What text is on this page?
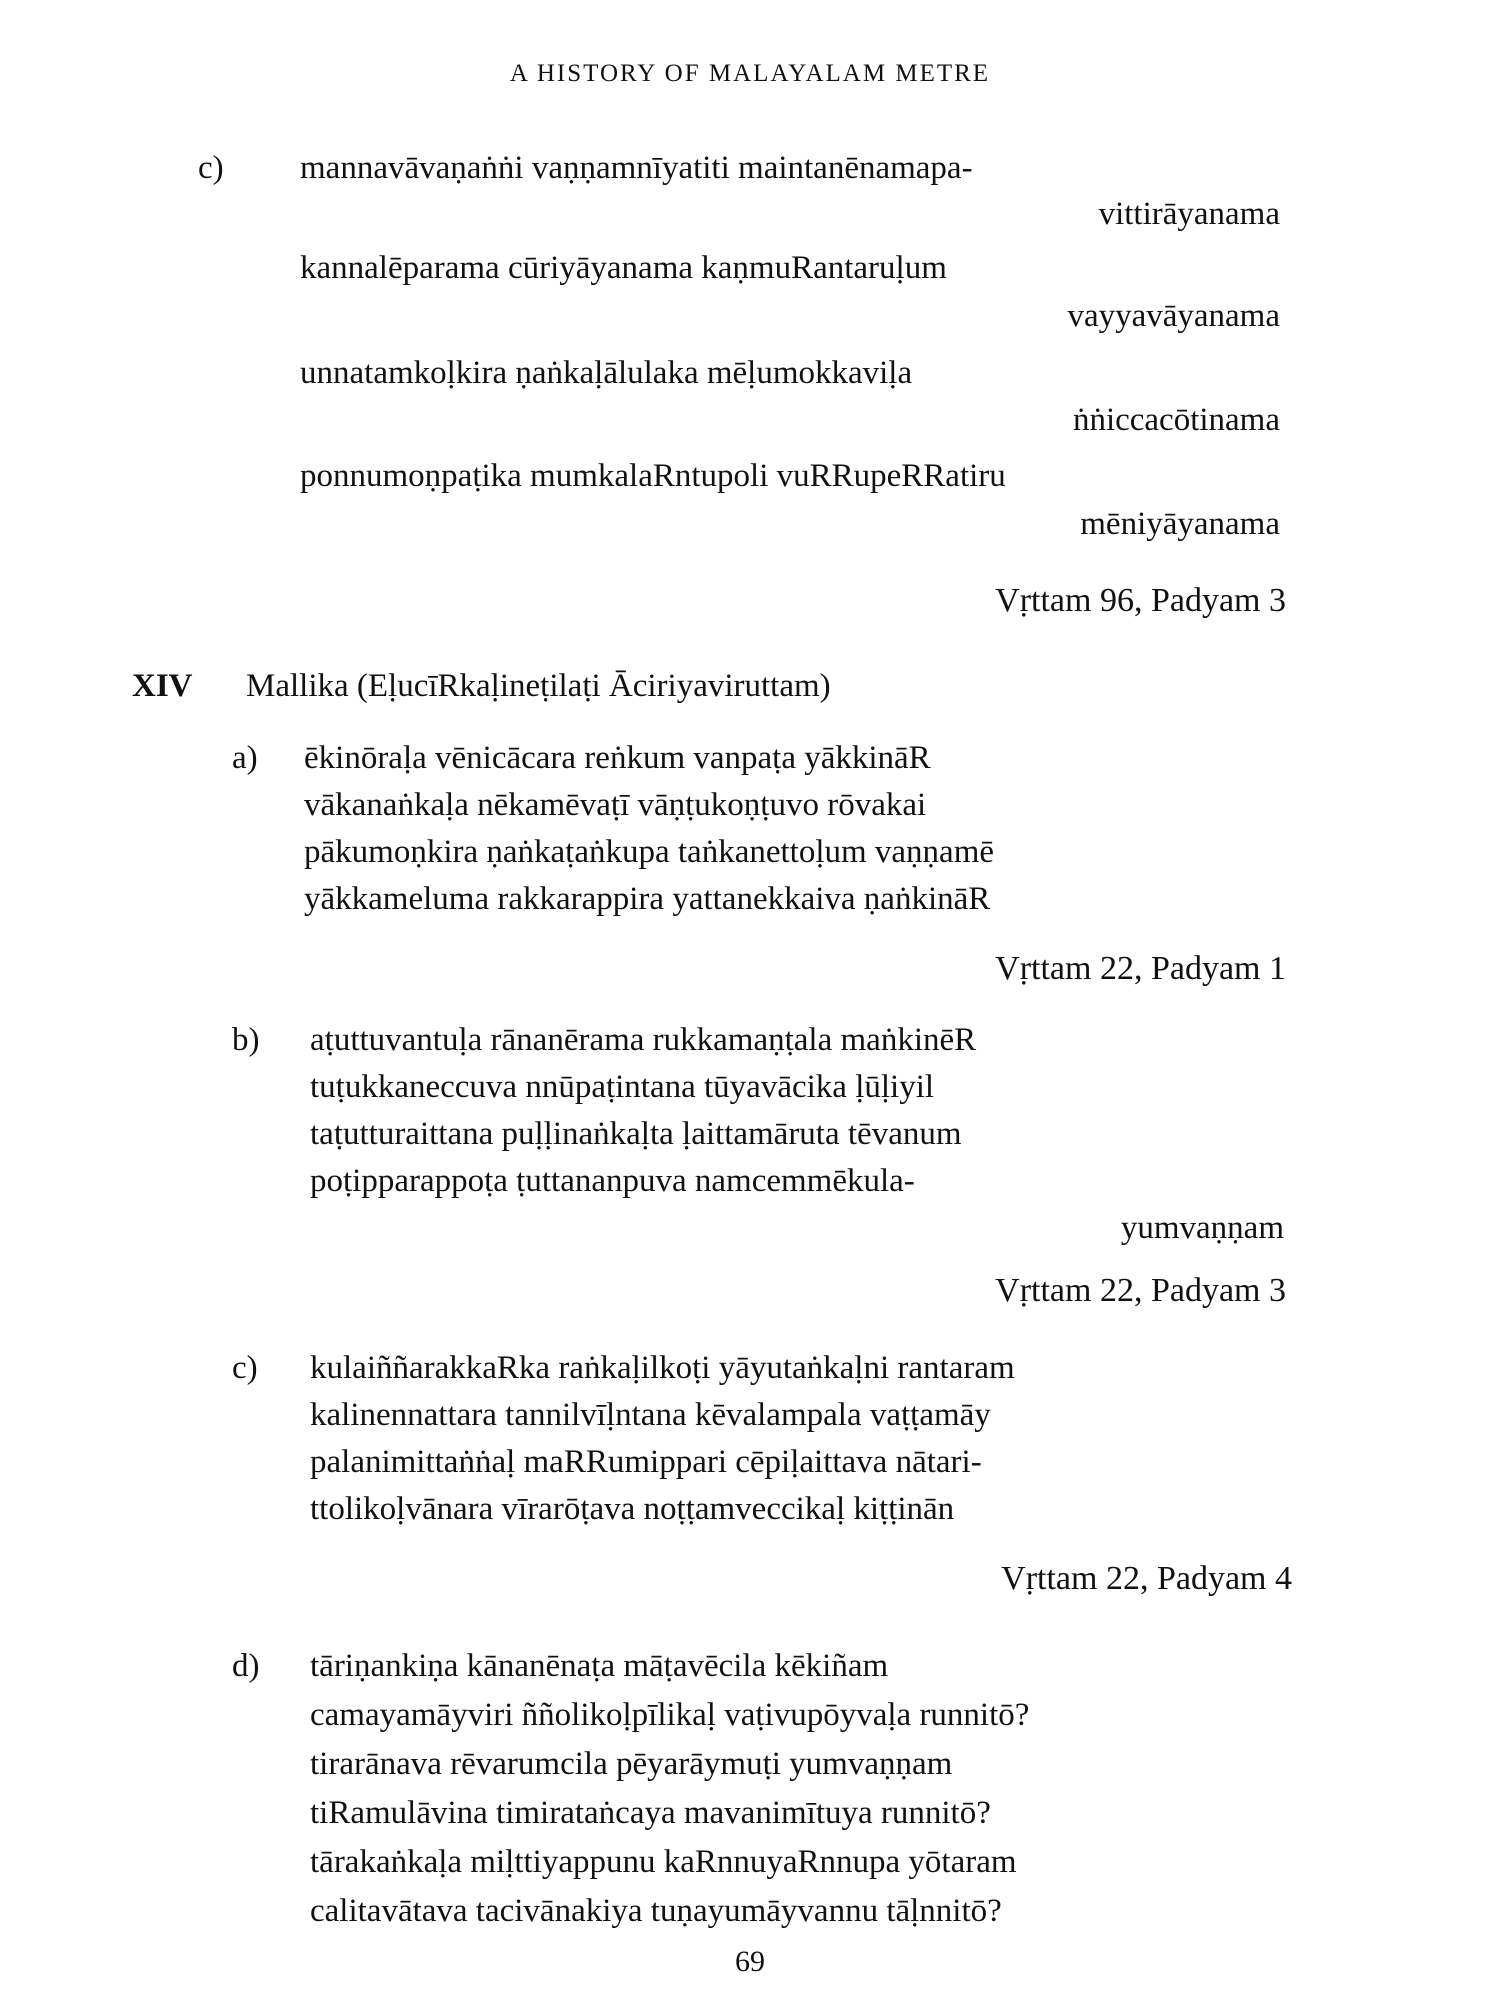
A HISTORY OF MALAYALAM METRE
c) mannavāvaṇaṅṅi vaṇṇamnīyatiti maintanēnamapa-
vittirāyanama
kannalēparama cūriyāyanama kaṇmuRantaruḷum
vayyavāyanama
unnatamkoḷkira ṇaṅkaḷālulaka mēḷumokkaviḷa
ṅṅiccacōtinama
ponnumoṇpaṭika mumkalaRntupoli vuRRupeRRatiru
mēniyāyanama
Vṛttam 96, Padyam 3
XIV Mallika (EḷucīRkaḷineṭilaṭi Āciriyaviruttam)
a) ēkinōraḷa vēnicācara reṅkum vanpaṭa yākkināR
vākanaṅkaḷa nēkamēvaṭī vāṇṭukoṇṭuvo rōvakai
pākumoṇkira ṇaṅkaṭaṅkupa taṅkanettoḷum vaṇṇamē
yākkameluma rakkarappira yattanekkaiva ṇaṅkināR
Vṛttam 22, Padyam 1
b) aṭuttuvantuḷa rānanērama rukkamaṇṭala maṅkinēR
tuṭukkaneccuva nnūpaṭintana tūyavācika ḷūḷiyil
taṭutturaittana puḷḷinaṅkaḷta ḷaittamāruta tēvanum
poṭipparappoṭa ṭuttananpuva namcemmēkula-
yumvaṇṇam
Vṛttam 22, Padyam 3
c) kulaiññarakkaRka raṅkaḷilkoṭi yāyutaṅkaḷni rantaram
kalinennattara tannilvīḷntana kēvalampala vaṭṭamāy
palanimittaṅṅaḷ maRRumippari cēpiḷaittava nātari-
ttolikoḷvānara vīrarōṭava noṭṭamveccikaḷ kiṭṭinān
Vṛttam 22, Padyam 4
d) tāriṇankiṇa kānanēnaṭa māṭavēcila kēkiñam
camayamāyviri ññolikoḷpīlikaḷ vaṭivupōyvaḷa runnitō?
tirarānava rēvarumcila pēyarāymuṭi yumvaṇṇam
tiRamulāvina timirataṅcaya mavanimītuya runnitō?
tārakaṅkaḷa miḷttiyappunu kaRnnuyaRnnupa yōtaram
calitavātava tacivānakiya tuṇayumāyvannu tāḷnnitō?
69
